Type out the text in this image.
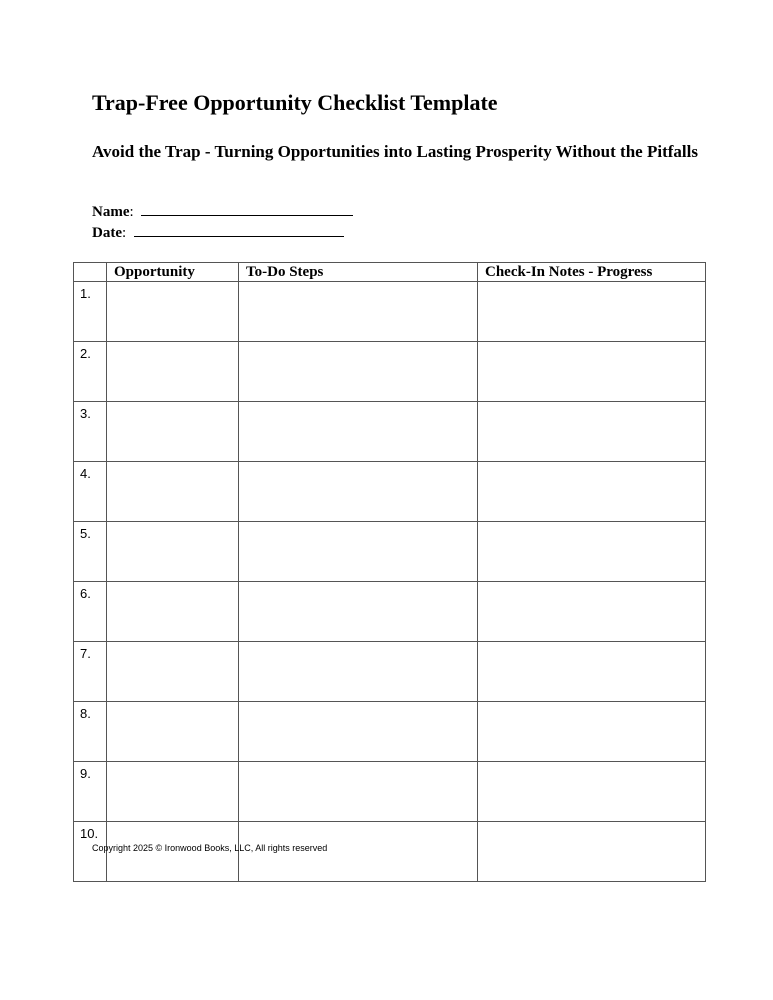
Trap-Free Opportunity Checklist Template
Avoid the Trap - Turning Opportunities into Lasting Prosperity Without the Pitfalls
Name:
Date:
	Opportunity	To-Do Steps	Check-In Notes - Progress
1.			
2.			
3.			
4.			
5.			
6.			
7.			
8.			
9.			
10.			
Copyright 2025 © Ironwood Books, LLC, All rights reserved
